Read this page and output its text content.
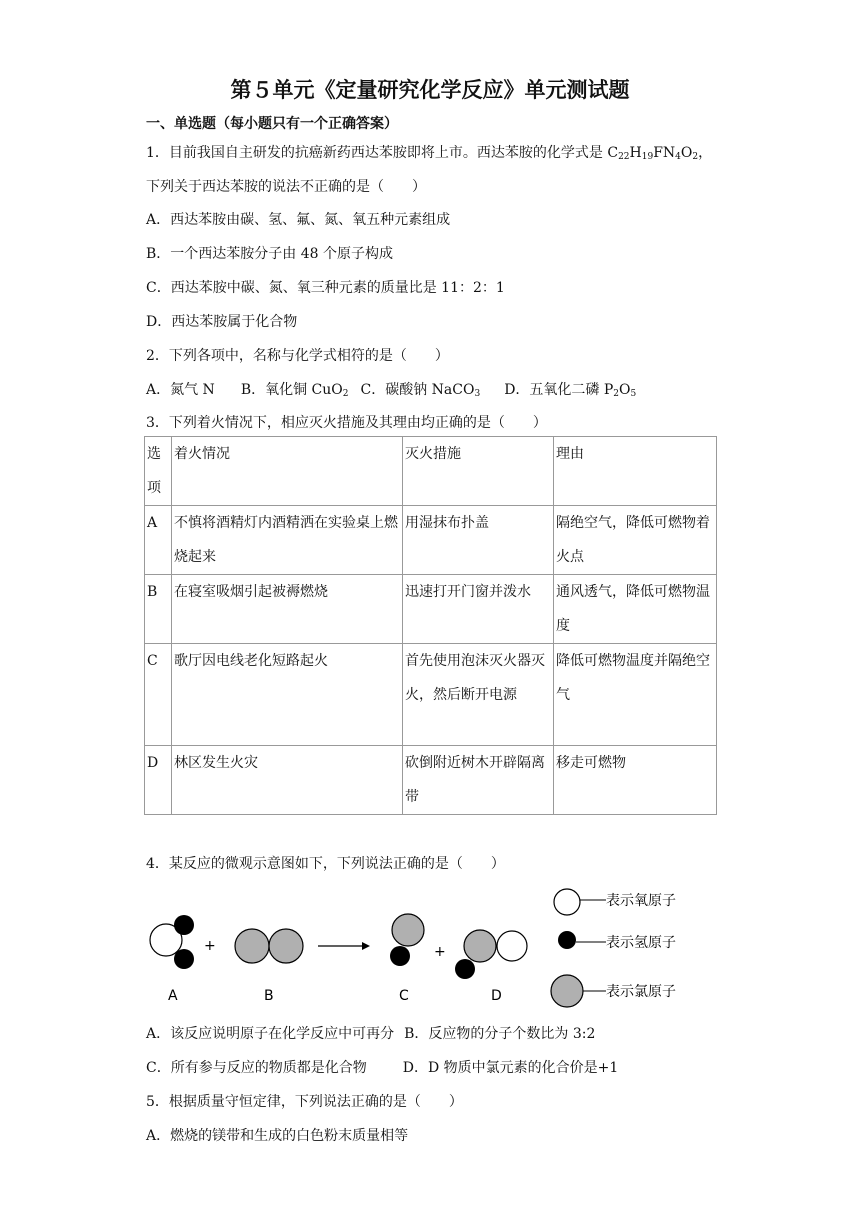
第５单元《定量研究化学反应》单元测试题
一、单选题（每小题只有一个正确答案）
1．目前我国自主研发的抗癌新药西达苯胺即将上市。西达苯胺的化学式是 $C_{22}H_{19}FN_4O_2$，
下列关于西达苯胺的说法不正确的是（　　）
A．西达苯胺由碳、氢、氟、氮、氧五种元素组成
B．一个西达苯胺分子由 48 个原子构成
C．西达苯胺中碳、氮、氧三种元素的质量比是 11：2：1
D．西达苯胺属于化合物
2．下列各项中，名称与化学式相符的是（　　）
A．氮气 N B．氧化铜 CuO$_2$ C．碳酸钠 NaCO$_3$ D．五氧化二磷 $P_2O_5$
3．下列着火情况下，相应灭火措施及其理由均正确的是（　　）
选项	着火情况	灭火措施	理由
A	不慎将酒精灯内酒精洒在实验桌上燃烧起来	用湿抹布扑盖	隔绝空气，降低可燃物着火点
B	在寝室吸烟引起被褥燃烧	迅速打开门窗并泼水	通风透气，降低可燃物温度
C	歌厅因电线老化短路起火	首先使用泡沫灭火器灭火，然后断开电源	降低可燃物温度并隔绝空气
D	林区发生火灾	砍倒附近树木开辟隔离带	移走可燃物
4．某反应的微观示意图如下，下列说法正确的是（　　）
+	+
A	B	C	D
表示氧原子
表示氢原子
表示氯原子
A．该反应说明原子在化学反应中可再分 B．反应物的分子个数比为 3:2
C．所有参与反应的物质都是化合物	D．D 物质中氯元素的化合价是+1
5．根据质量守恒定律，下列说法正确的是（　　）
A．燃烧的镁带和生成的白色粉末质量相等
